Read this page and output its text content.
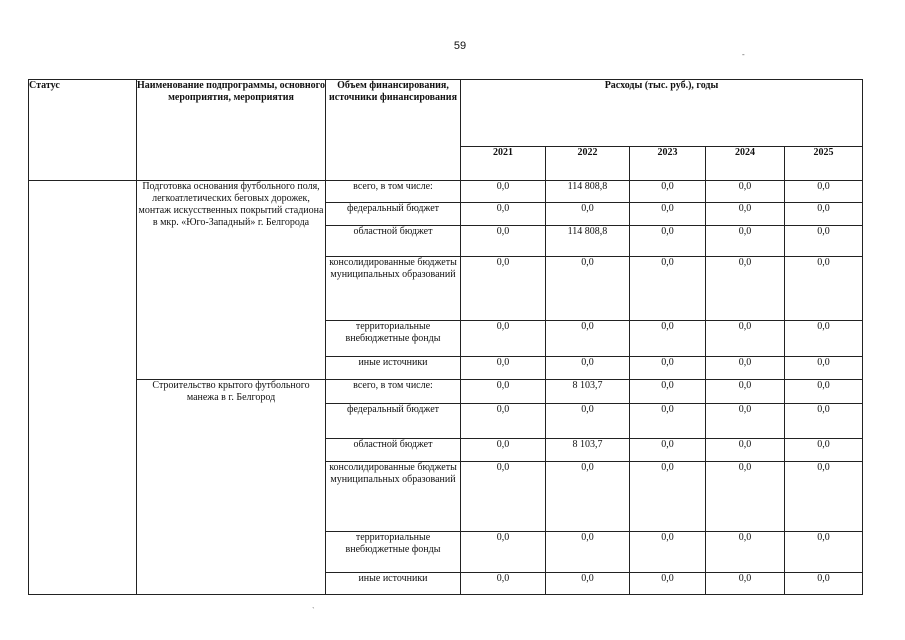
59
Статус	Наименование подпрограммы, основного мероприятия, мероприятия	Объем финансирования, источники финансирования	Расходы (тыс. руб.), годы				
			2021	2022	2023	2024	2025
	Подготовка основания футбольного поля, легкоатлетических беговых дорожек, монтаж искусственных покрытий стадиона в мкр. «Юго-Западный» г. Белгорода	всего, в том числе:	0,0	114 808,8	0,0	0,0	0,0
		федеральный бюджет	0,0	0,0	0,0	0,0	0,0
		областной бюджет	0,0	114 808,8	0,0	0,0	0,0
		консолидированные бюджеты муниципальных образований	0,0	0,0	0,0	0,0	0,0
		территориальные внебюджетные фонды	0,0	0,0	0,0	0,0	0,0
		иные источники	0,0	0,0	0,0	0,0	0,0
	Строительство крытого футбольного манежа в г. Белгород	всего, в том числе:	0,0	8 103,7	0,0	0,0	0,0
		федеральный бюджет	0,0	0,0	0,0	0,0	0,0
		областной бюджет	0,0	8 103,7	0,0	0,0	0,0
		консолидированные бюджеты муниципальных образований	0,0	0,0	0,0	0,0	0,0
		территориальные внебюджетные фонды	0,0	0,0	0,0	0,0	0,0
		иные источники	0,0	0,0	0,0	0,0	0,0
-
`
